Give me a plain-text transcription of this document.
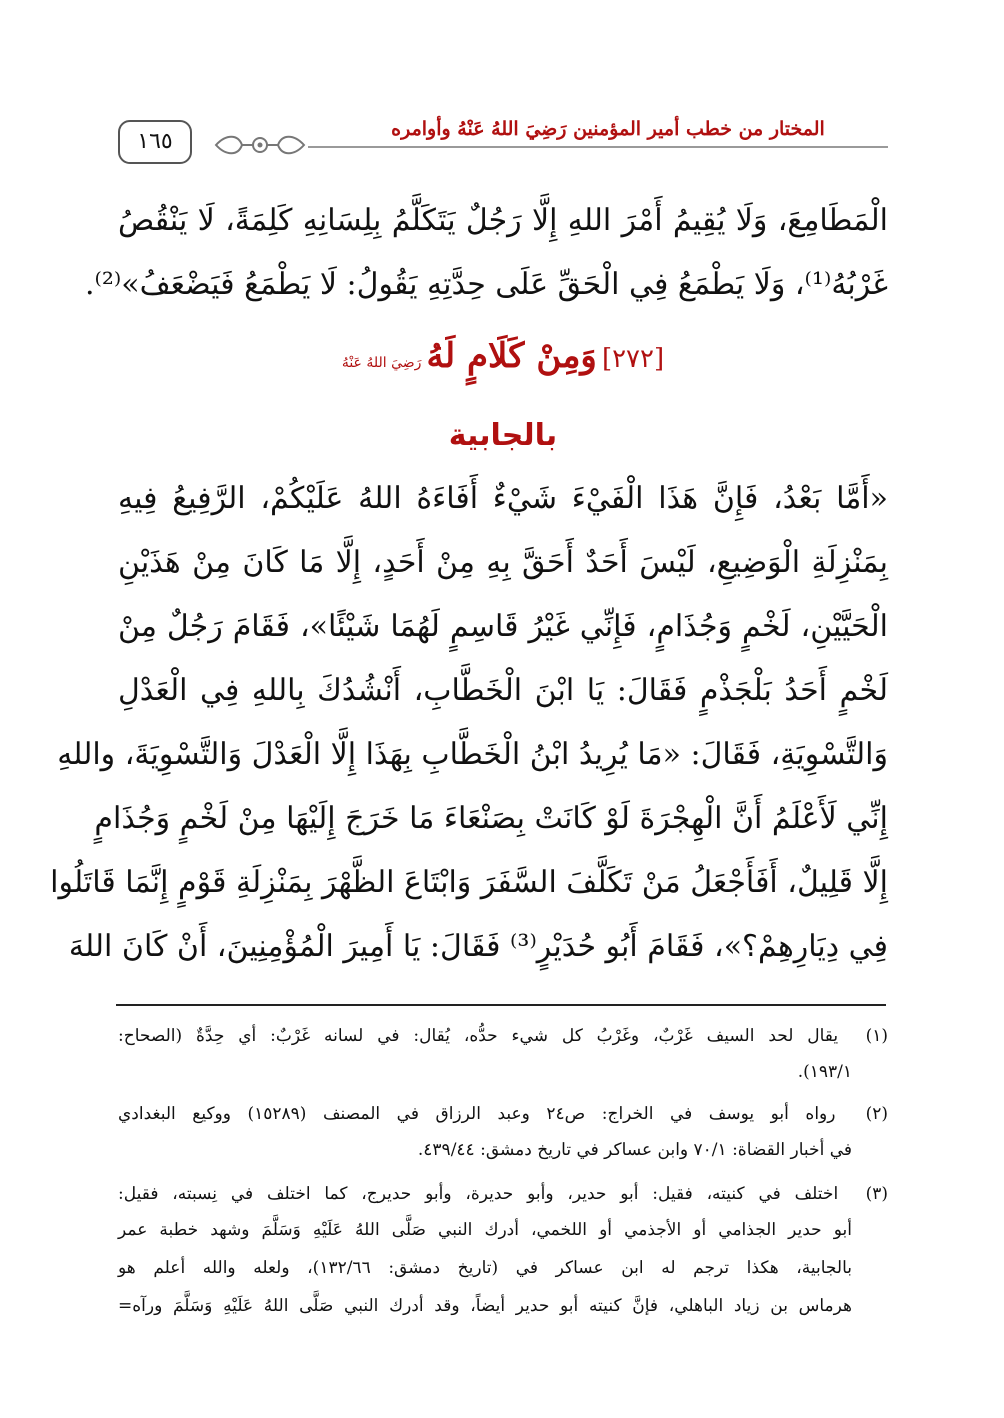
١٦٥	المختار من خطب أمير المؤمنين رَضِيَ اللهُ عَنْهُ وأوامره
الْمَطَامِعَ، وَلَا يُقِيمُ أَمْرَ اللهِ إِلَّا رَجُلٌ يَتَكَلَّمُ بِلِسَانِهِ كَلِمَةً، لَا يَنْقُصُ
غَرْبُهُ⁽¹⁾، وَلَا يَطْمَعُ فِي الْحَقِّ عَلَى حِدَّتِهِ يَقُولُ: لَا يَطْمَعُ فَيَضْعَفُ»⁽²⁾.
[٢٧٢] وَمِنْ كَلَامٍ لَهُ رَضِيَ اللهُ عَنْهُ
بالجابية
«أَمَّا بَعْدُ، فَإِنَّ هَذَا الْفَيْءَ شَيْءٌ أَفَاءَهُ اللهُ عَلَيْكُمْ، الرَّفِيعُ فِيهِ
بِمَنْزِلَةِ الْوَضِيعِ، لَيْسَ أَحَدٌ أَحَقَّ بِهِ مِنْ أَحَدٍ، إِلَّا مَا كَانَ مِنْ هَذَيْنِ
الْحَيَّيْنِ، لَخْمٍ وَجُذَامٍ، فَإِنِّي غَيْرُ قَاسِمٍ لَهُمَا شَيْئًا»، فَقَامَ رَجُلٌ مِنْ
لَخْمٍ أَحَدُ بَلْجَذْمٍ فَقَالَ: يَا ابْنَ الْخَطَّابِ، أَنْشُدُكَ بِاللهِ فِي الْعَدْلِ
وَالتَّسْوِيَةِ، فَقَالَ: «مَا يُرِيدُ ابْنُ الْخَطَّابِ بِهَذَا إِلَّا الْعَدْلَ وَالتَّسْوِيَةَ، واللهِ
إِنِّي لَأَعْلَمُ أَنَّ الْهِجْرَةَ لَوْ كَانَتْ بِصَنْعَاءَ مَا خَرَجَ إِلَيْهَا مِنْ لَخْمٍ وَجُذَامٍ
إِلَّا قَلِيلٌ، أَفَأَجْعَلُ مَنْ تَكَلَّفَ السَّفَرَ وَابْتَاعَ الظَّهْرَ بِمَنْزِلَةِ قَوْمٍ إِنَّمَا قَاتَلُوا
فِي دِيَارِهِمْ؟»، فَقَامَ أَبُو حُدَيْرٍ⁽³⁾ فَقَالَ: يَا أَمِيرَ الْمُؤْمِنِينَ، أَنْ كَانَ اللهَ
(١) يقال لحد السيف غَرْبٌ، وغَرْبُ كل شيء حدُّه، يُقال: في لسانه غَرْبٌ: أي حِدَّةٌ (الصحاح:
١٩٣/١).
(٢) رواه أبو يوسف في الخراج: ص٢٤ وعبد الرزاق في المصنف (١٥٢٨٩) ووكيع البغدادي
في أخبار القضاة: ٧٠/١ وابن عساكر في تاريخ دمشق: ٤٣٩/٤٤.
(٣) اختلف في كنيته، فقيل: أبو حدير، وأبو حديرة، وأبو حديرج، كما اختلف في نِسبته، فقيل:
أبو حدير الجذامي أو الأجذمي أو اللخمي، أدرك النبي صَلَّى اللهُ عَلَيْهِ وَسَلَّمَ وشهد خطبة عمر
بالجابية، هكذا ترجم له ابن عساكر في (تاريخ دمشق: ١٣٢/٦٦)، ولعله والله أعلم هو
هرماس بن زياد الباهلي، فإنَّ كنيته أبو حدير أيضاً، وقد أدرك النبي صَلَّى اللهُ عَلَيْهِ وَسَلَّمَ ورآه=
